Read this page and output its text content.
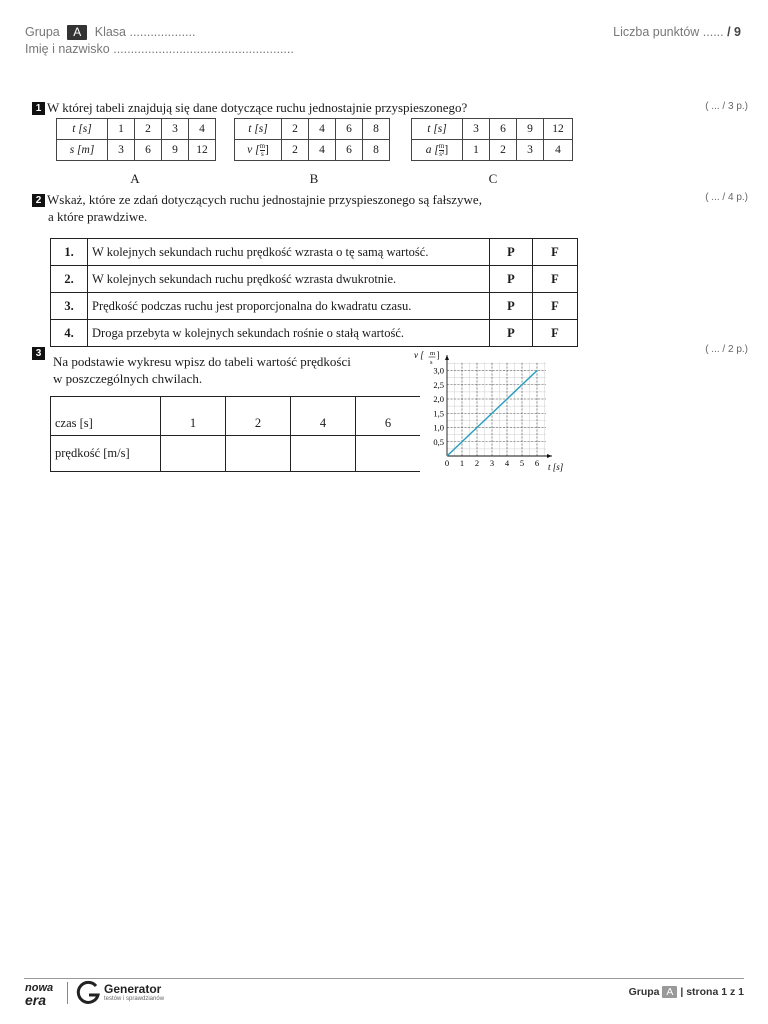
Grupa A Klasa ...................
Imię i nazwisko ....................................................
Liczba punktów ...... / 9
1 W której tabeli znajdują się dane dotyczące ruchu jednostajnie przyspieszonego?	( ... / 3 p.)
t [s]	1	2	3	4
s [m]	3	6	9	12
A
t [s]	2	4	6	8
v [ $\frac{m}{s}$ ]	2	4	6	8
B
t [s]	3	6	9	12
a [ $\frac{m}{\text{s²}}$ ]	1	2	3	4
C
2 Wskaż, które ze zdań dotyczących ruchu jednostajnie przyspieszonego są fałszywe,
a które prawdziwe.
( ... / 4 p.)
1.	W kolejnych sekundach ruchu prędkość wzrasta o tę samą wartość.	P	F
2.	W kolejnych sekundach ruchu prędkość wzrasta dwukrotnie.	P	F
3.	Prędkość podczas ruchu jest proporcjonalna do kwadratu czasu.	P	F
4.	Droga przebyta w kolejnych sekundach rośnie o stałą wartość.	P	F
3
Na podstawie wykresu wpisz do tabeli wartość prędkości
w poszczególnych chwilach.
( ... / 2 p.)
czas [s]	1	2	4	6
prędkość [m/s]				
0 1 2 3 4 5 6
0,5
1,0
1,5
2,0
2,5
3,0
v [ m
s
]
t [s]
nowa
era
Generator
testów i sprawdzianów
Grupa A | strona 1 z 1
